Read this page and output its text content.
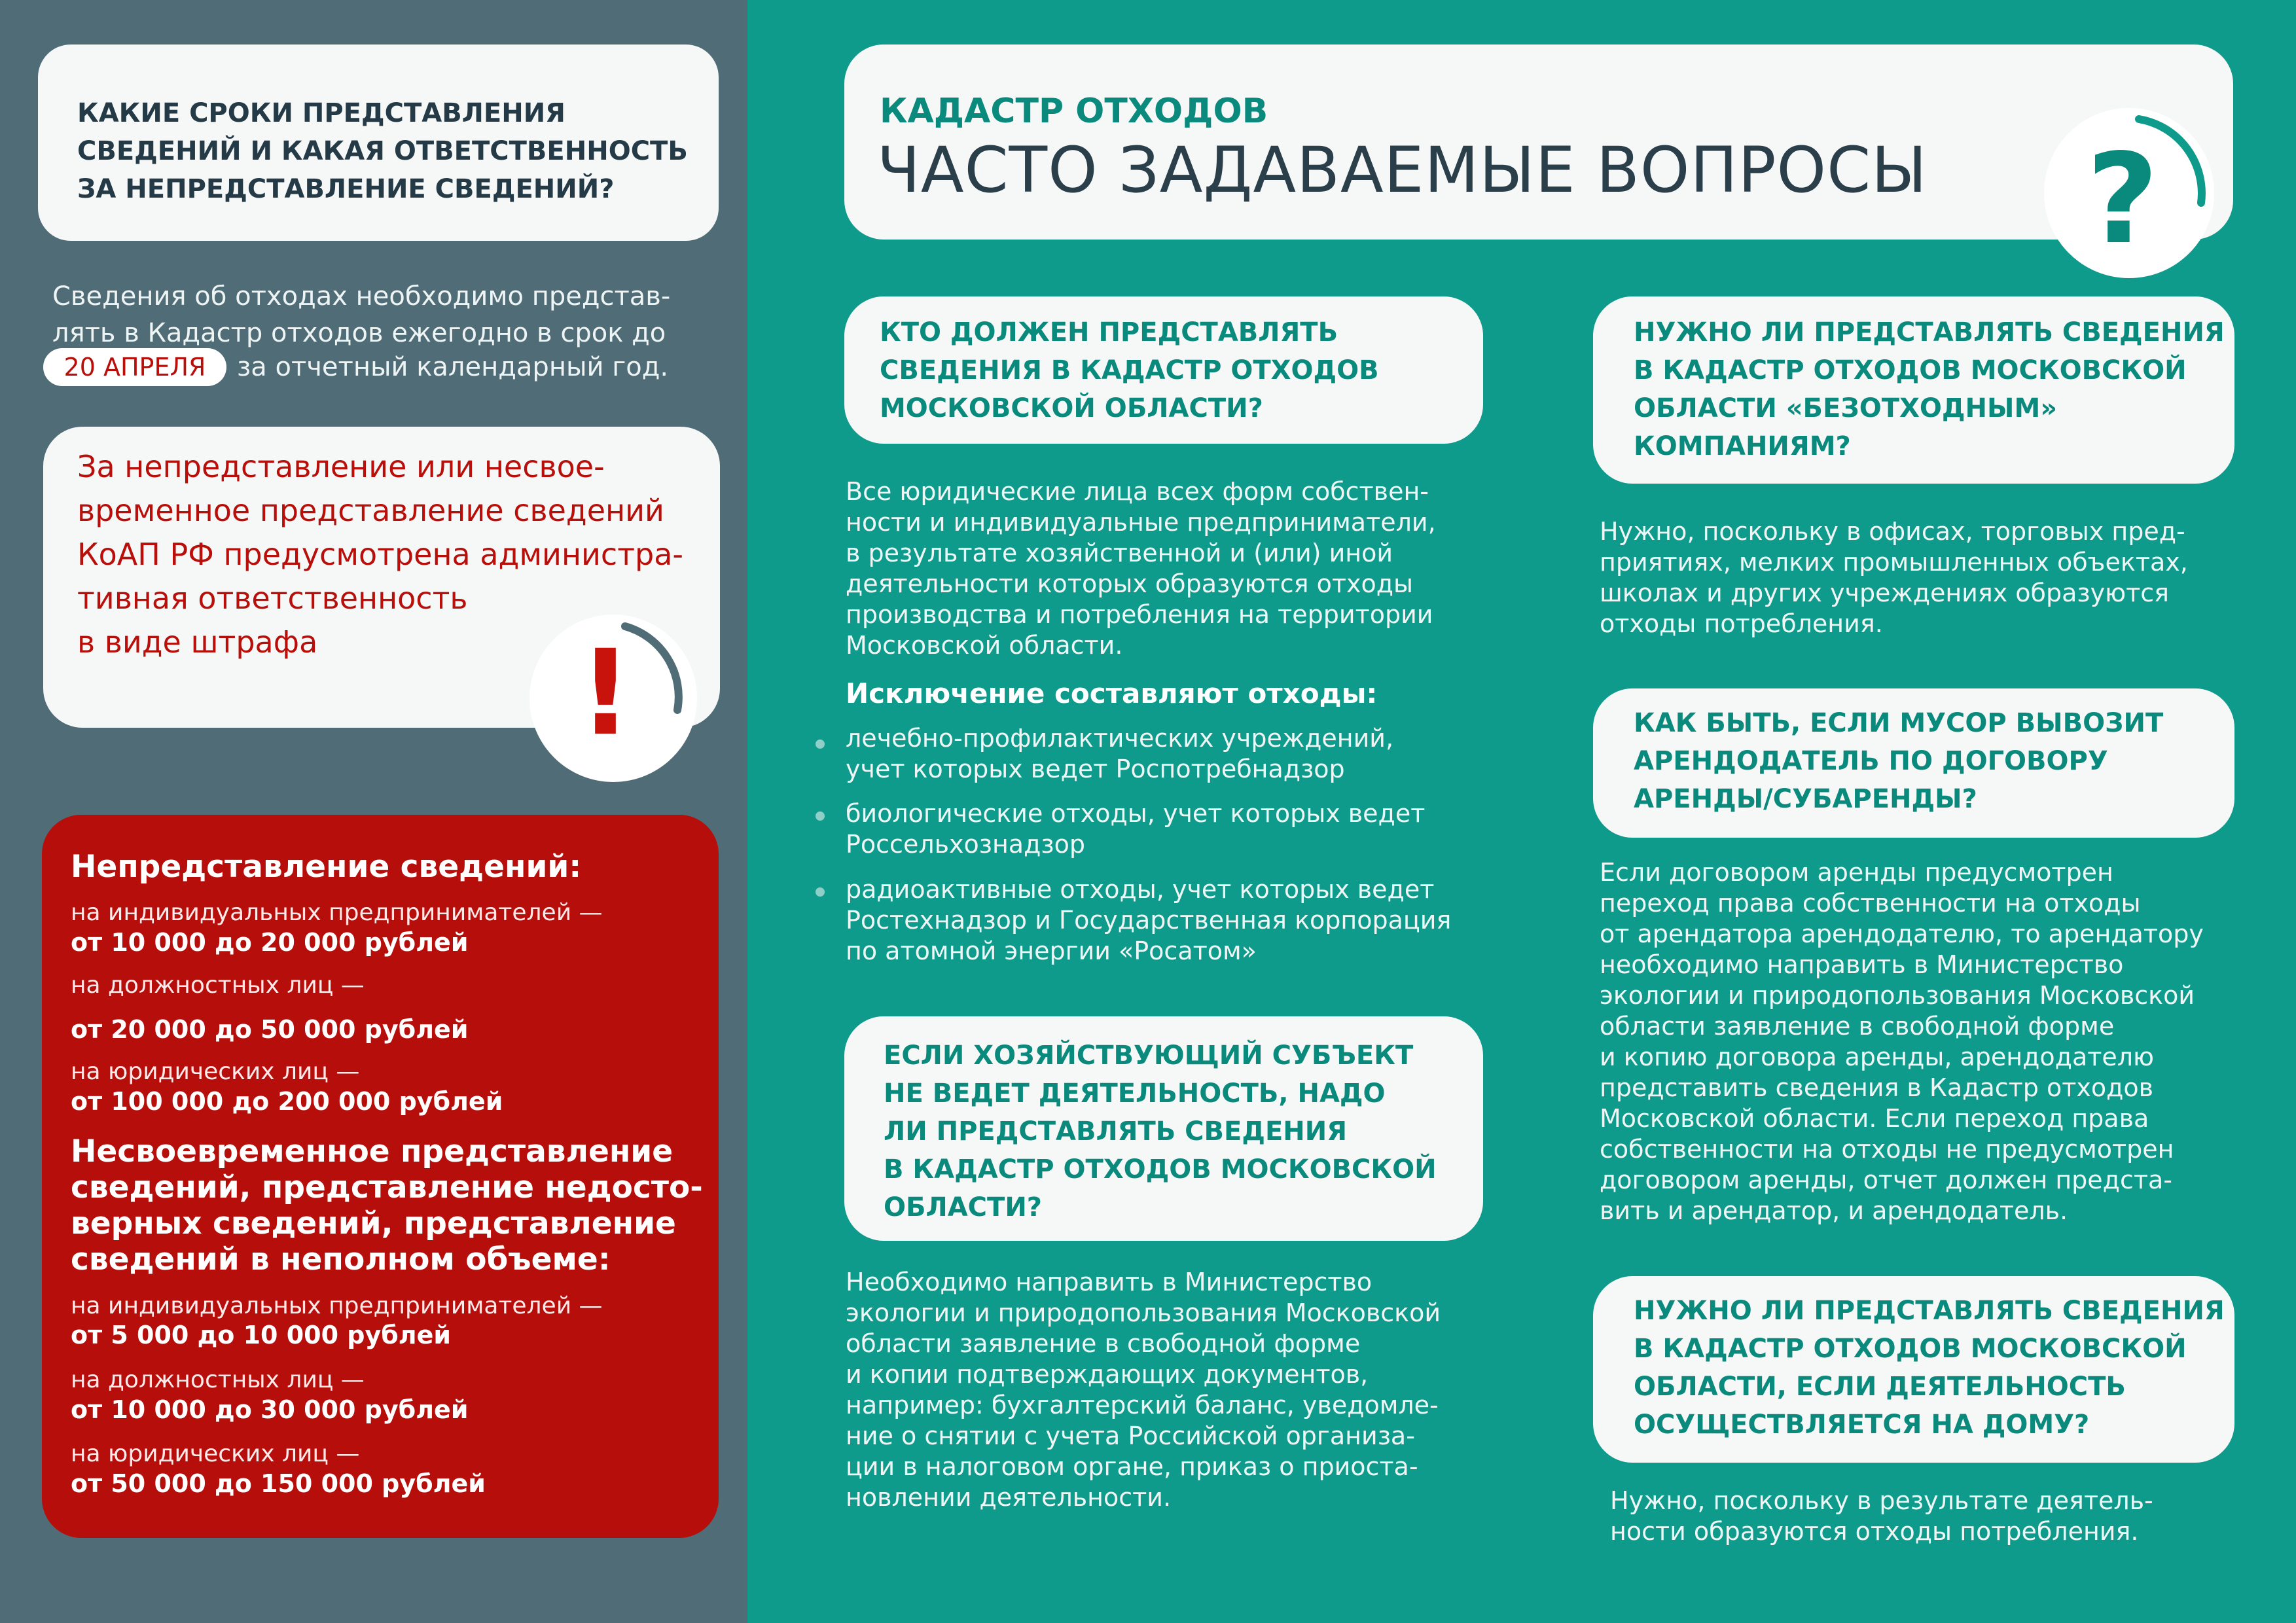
КАКИЕ СРОКИ ПРЕДСТАВЛЕНИЯ

СВЕДЕНИЙ И КАКАЯ ОТВЕТСТВЕННОСТЬ

ЗА НЕПРЕДСТАВЛЕНИЕ СВЕДЕНИЙ?

Сведения об отходах необходимо представ-

лять в Кадастр отходов ежегодно в срок до

20 АПРЕЛЯ	за отчетный календарный год.

!

За непредставление или несвое-

временное представление сведений

КоАП РФ предусмотрена администра-

тивная ответственность

в виде штрафа

Непредставление сведений:

на индивидуальных предпринимателей —

от 10 000 до 20 000 рублей

на должностных лиц —

от 20 000 до 50 000 рублей

на юридических лиц —

от 100 000 до 200 000 рублей

Несвоевременное представление

сведений, представление недосто-

верных сведений, представление

сведений в неполном объеме:

на индивидуальных предпринимателей —

от 5 000 до 10 000 рублей

на должностных лиц —

от 10 000 до 30 000 рублей

на юридических лиц —

от 50 000 до 150 000 рублей

?

КАДАСТР ОТХОДОВ

ЧАСТО ЗАДАВАЕМЫЕ ВОПРОСЫ

КТО ДОЛЖЕН ПРЕДСТАВЛЯТЬ

СВЕДЕНИЯ В КАДАСТР ОТХОДОВ

МОСКОВСКОЙ ОБЛАСТИ?

Все юридические лица всех форм собствен-

ности и индивидуальные предприниматели,

в результате хозяйственной и (или) иной

деятельности которых образуются отходы

производства и потребления на территории

Московской области.

Исключение составляют отходы:

лечебно-профилактических учреждений,

учет которых ведет Роспотребнадзор

биологические отходы, учет которых ведет

Россельхознадзор

радиоактивные отходы, учет которых ведет

Ростехнадзор и Государственная корпорация

по атомной энергии «Росатом»

ЕСЛИ ХОЗЯЙСТВУЮЩИЙ СУБЪЕКТ

НЕ ВЕДЕТ ДЕЯТЕЛЬНОСТЬ, НАДО

ЛИ ПРЕДСТАВЛЯТЬ СВЕДЕНИЯ

В КАДАСТР ОТХОДОВ МОСКОВСКОЙ

ОБЛАСТИ?

Необходимо направить в Министерство

экологии и природопользования Московской

области заявление в свободной форме

и копии подтверждающих документов,

например: бухгалтерский баланс, уведомле-

ние о снятии с учета Российской организа-

ции в налоговом органе, приказ о приоста-

новлении деятельности.

НУЖНО ЛИ ПРЕДСТАВЛЯТЬ СВЕДЕНИЯ

В КАДАСТР ОТХОДОВ МОСКОВСКОЙ

ОБЛАСТИ «БЕЗОТХОДНЫМ»

КОМПАНИЯМ?

Нужно, поскольку в офисах, торговых пред-

приятиях, мелких промышленных объектах,

школах и других учреждениях образуются

отходы потребления.

КАК БЫТЬ, ЕСЛИ МУСОР ВЫВОЗИТ

АРЕНДОДАТЕЛЬ ПО ДОГОВОРУ

АРЕНДЫ/СУБАРЕНДЫ?

Если договором аренды предусмотрен

переход права собственности на отходы

от арендатора арендодателю, то арендатору

необходимо направить в Министерство

экологии и природопользования Московской

области заявление в свободной форме

и копию договора аренды, арендодателю

представить сведения в Кадастр отходов

Московской области. Если переход права

собственности на отходы не предусмотрен

договором аренды, отчет должен предста-

вить и арендатор, и арендодатель.

НУЖНО ЛИ ПРЕДСТАВЛЯТЬ СВЕДЕНИЯ

В КАДАСТР ОТХОДОВ МОСКОВСКОЙ

ОБЛАСТИ, ЕСЛИ ДЕЯТЕЛЬНОСТЬ

ОСУЩЕСТВЛЯЕТСЯ НА ДОМУ?

Нужно, поскольку в результате деятель-

ности образуются отходы потребления.
